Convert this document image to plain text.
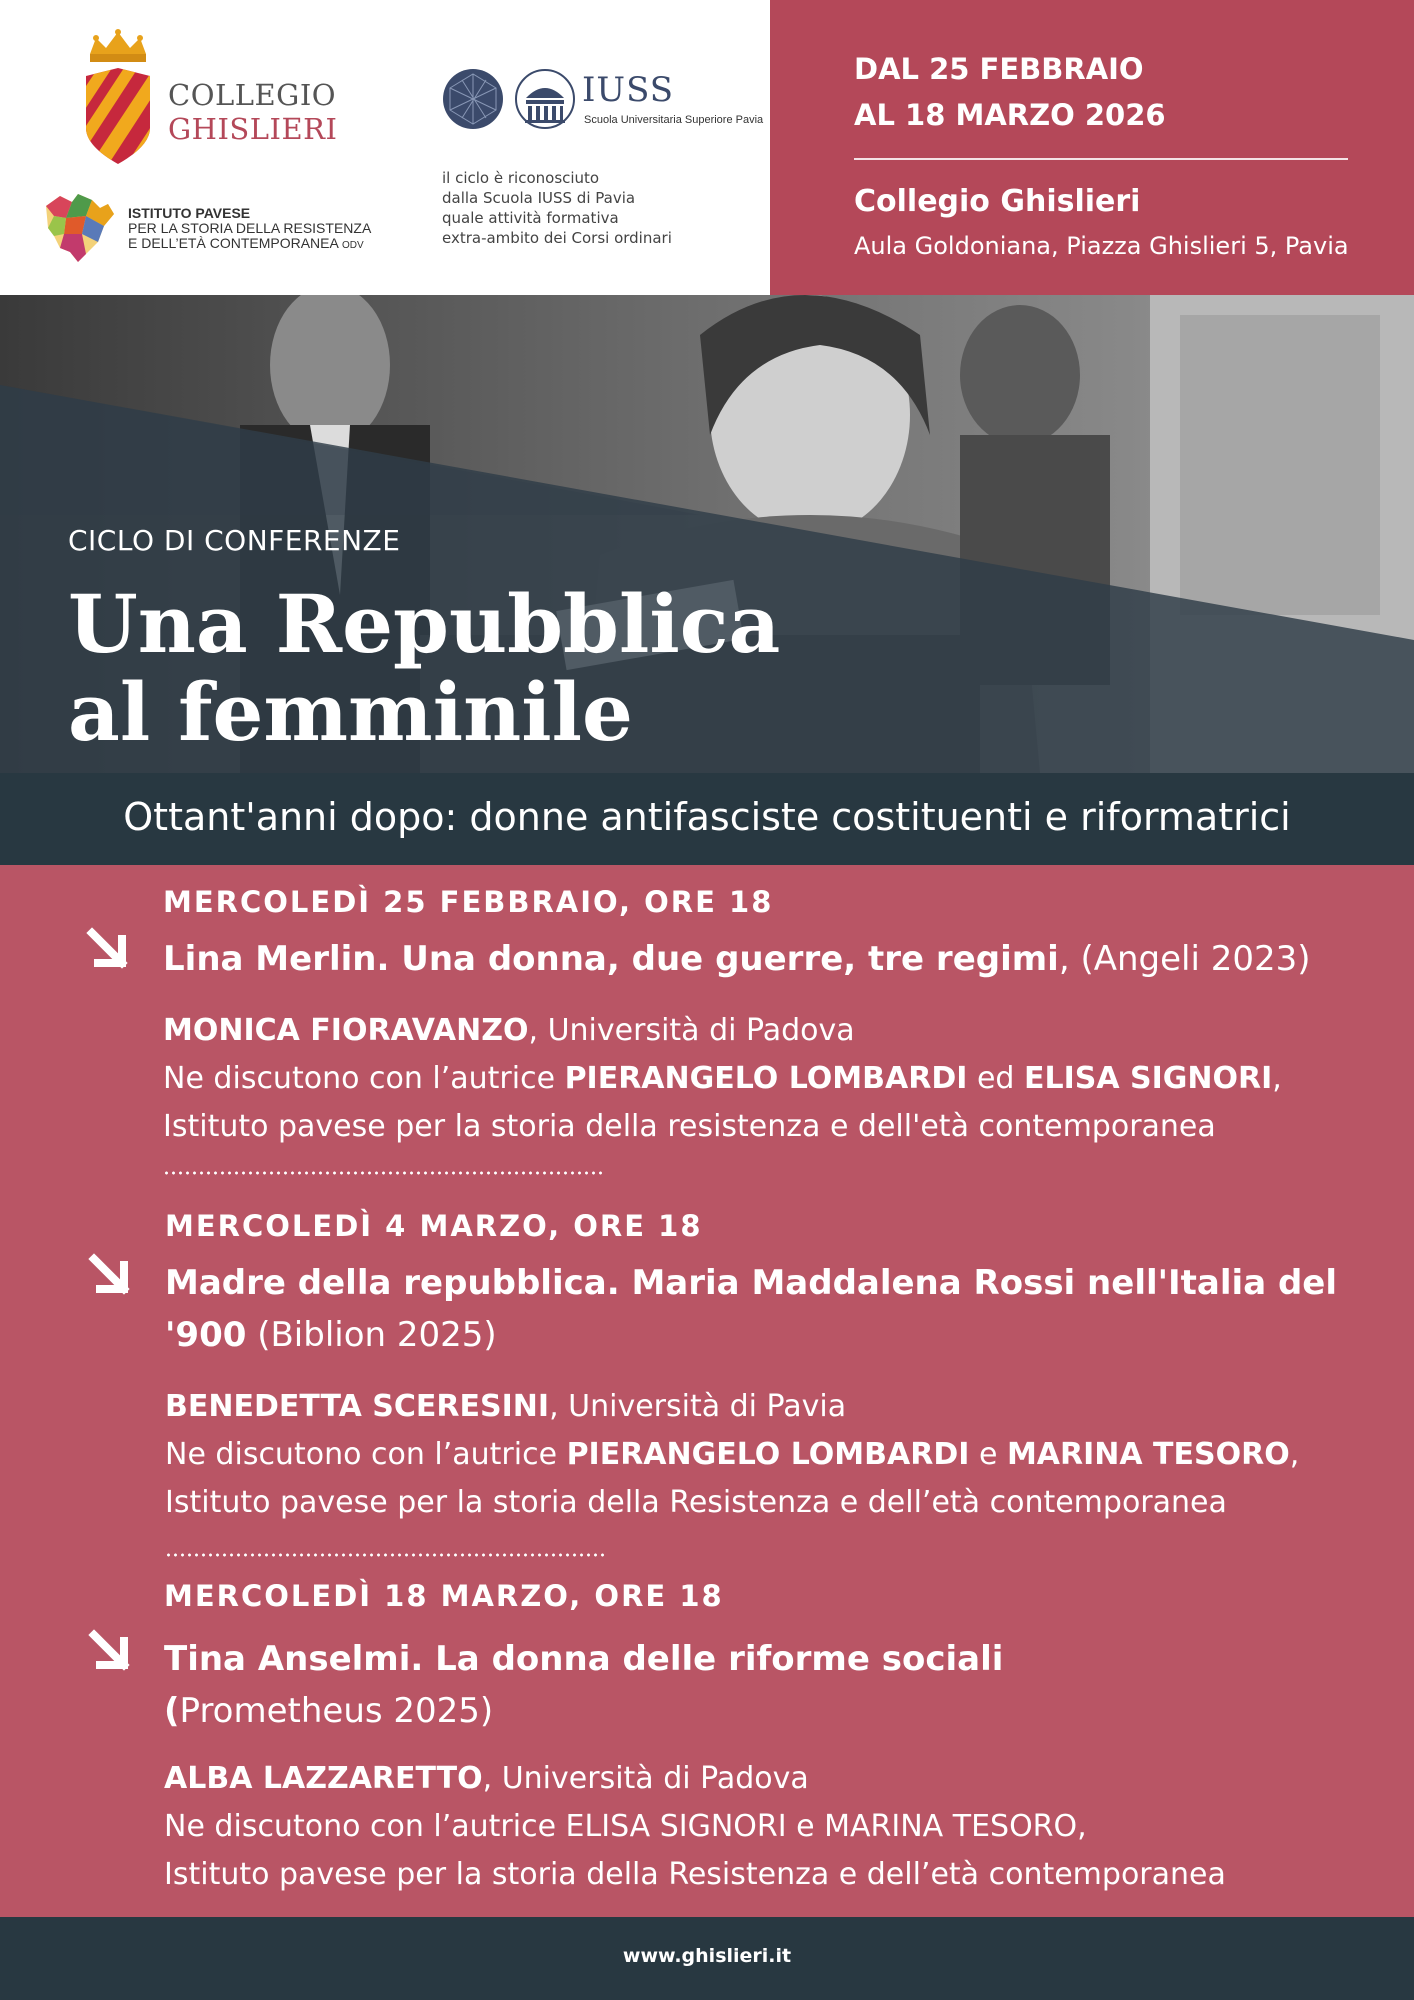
COLLEGIO
GHISLIERI
IUSS
Scuola Universitaria Superiore Pavia
ISTITUTO PAVESE
PER LA STORIA DELLA RESISTENZA
E DELL’ETÀ CONTEMPORANEA ODV
il ciclo è riconosciuto
dalla Scuola IUSS di Pavia
quale attività formativa
extra-ambito dei Corsi ordinari
DAL 25 FEBBRAIO
AL 18 MARZO 2026
Collegio Ghislieri
Aula Goldoniana, Piazza Ghislieri 5, Pavia
CICLO DI CONFERENZE
Una Repubblica
al femminile
Ottant'anni dopo: donne antifasciste costituenti e riformatrici
MERCOLEDÌ 25 FEBBRAIO, ORE 18
Lina Merlin. Una donna, due guerre, tre regimi, (Angeli 2023)
MONICA FIORAVANZO, Università di Padova
Ne discutono con l’autrice PIERANGELO LOMBARDI ed ELISA SIGNORI,
Istituto pavese per la storia della resistenza e dell'età contemporanea
MERCOLEDÌ 4 MARZO, ORE 18
Madre della repubblica. Maria Maddalena Rossi nell'Italia del
'900 (Biblion 2025)
BENEDETTA SCERESINI, Università di Pavia
Ne discutono con l’autrice PIERANGELO LOMBARDI e MARINA TESORO,
Istituto pavese per la storia della Resistenza e dell’età contemporanea
MERCOLEDÌ 18 MARZO, ORE 18
Tina Anselmi. La donna delle riforme sociali
(Prometheus 2025)
ALBA LAZZARETTO, Università di Padova
Ne discutono con l’autrice ELISA SIGNORI e MARINA TESORO,
Istituto pavese per la storia della Resistenza e dell’età contemporanea
www.ghislieri.it
